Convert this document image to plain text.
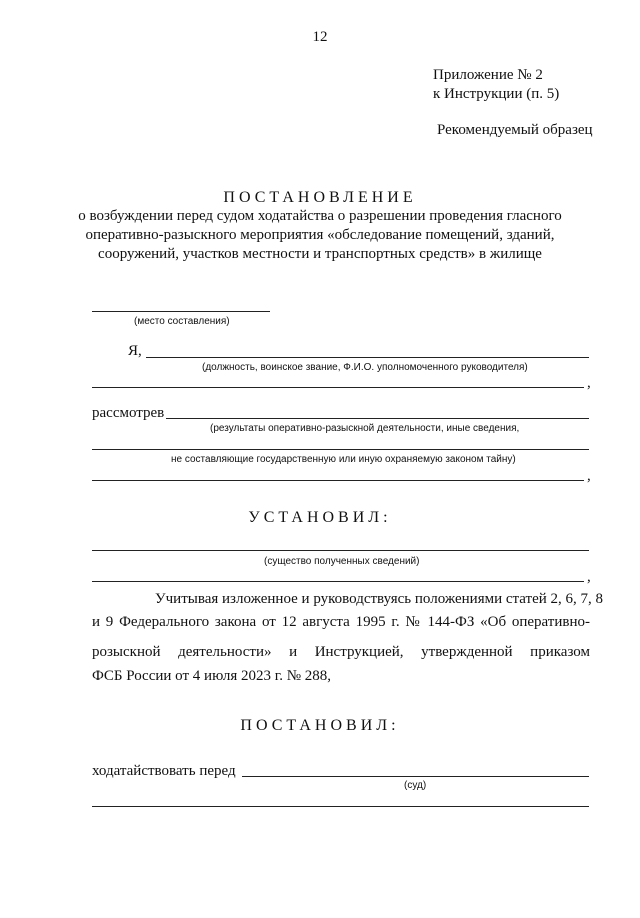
12
Приложение № 2
к Инструкции (п. 5)
Рекомендуемый образец
ПОСТАНОВЛЕНИЕ
о возбуждении перед судом ходатайства о разрешении проведения гласного
оперативно-разыскного мероприятия «обследование помещений, зданий,
сооружений, участков местности и транспортных средств» в жилище
(место составления)
Я,
(должность, воинское звание, Ф.И.О. уполномоченного руководителя)
,
рассмотрев
(результаты оперативно-разыскной деятельности, иные сведения,
не составляющие государственную или иную охраняемую законом тайну)
,
УСТАНОВИЛ:
(существо полученных сведений)
,
Учитывая изложенное и руководствуясь положениями статей 2, 6, 7, 8
и 9 Федерального закона от 12 августа 1995 г. № 144-ФЗ «Об оперативно-
розыскной деятельности» и Инструкцией, утвержденной приказом
ФСБ России от 4 июля 2023 г. № 288,
ПОСТАНОВИЛ:
ходатайствовать перед
(суд)
